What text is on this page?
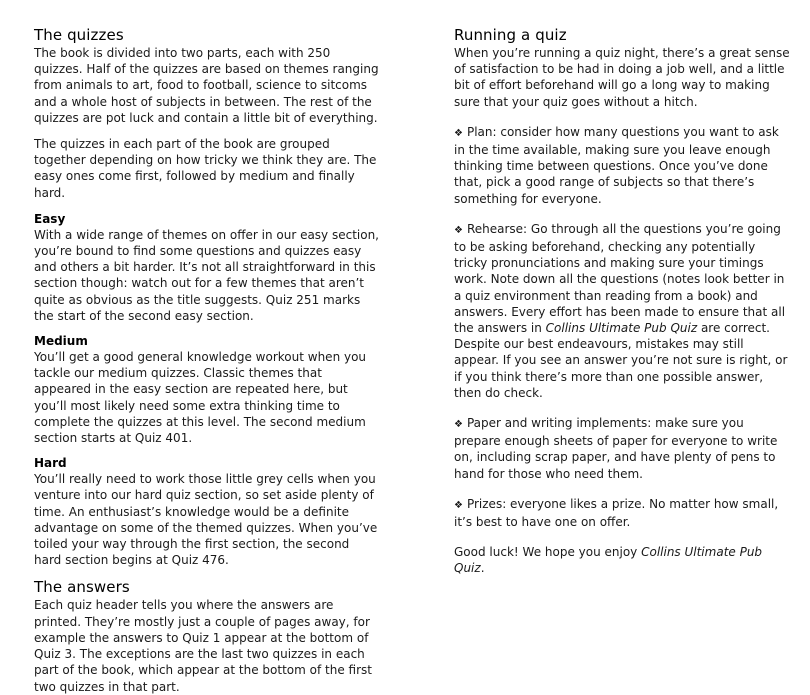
The quizzes

The book is divided into two parts, each with 250 quizzes. Half of the quizzes are based on themes ranging from animals to art, food to football, science to sitcoms and a whole host of subjects in between. The rest of the quizzes are pot luck and contain a little bit of everything.

The quizzes in each part of the book are grouped together depending on how tricky we think they are. The easy ones come first, followed by medium and finally hard.

Easy

With a wide range of themes on offer in our easy section, you’re bound to find some questions and quizzes easy and others a bit harder. It’s not all straightforward in this section though: watch out for a few themes that aren’t quite as obvious as the title suggests. Quiz 251 marks the start of the second easy section.

Medium

You’ll get a good general knowledge workout when you tackle our medium quizzes. Classic themes that appeared in the easy section are repeated here, but you’ll most likely need some extra thinking time to complete the quizzes at this level. The second medium section starts at Quiz 401.

Hard

You’ll really need to work those little grey cells when you venture into our hard quiz section, so set aside plenty of time. An enthusiast’s knowledge would be a definite advantage on some of the themed quizzes. When you’ve toiled your way through the first section, the second hard section begins at Quiz 476.

The answers

Each quiz header tells you where the answers are printed. They’re mostly just a couple of pages away, for example the answers to Quiz 1 appear at the bottom of Quiz 3. The exceptions are the last two quizzes in each part of the book, which appear at the bottom of the first two quizzes in that part.

Running a quiz

When you’re running a quiz night, there’s a great sense of satisfaction to be had in doing a job well, and a little bit of effort beforehand will go a long way to making sure that your quiz goes without a hitch.

❖ Plan: consider how many questions you want to ask in the time available, making sure you leave enough thinking time between questions. Once you’ve done that, pick a good range of subjects so that there’s something for everyone.

❖ Rehearse: Go through all the questions you’re going to be asking beforehand, checking any potentially tricky pronunciations and making sure your timings work. Note down all the questions (notes look better in a quiz environment than reading from a book) and answers. Every effort has been made to ensure that all the answers in Collins Ultimate Pub Quiz are correct. Despite our best endeavours, mistakes may still appear. If you see an answer you’re not sure is right, or if you think there’s more than one possible answer, then do check.

❖ Paper and writing implements: make sure you prepare enough sheets of paper for everyone to write on, including scrap paper, and have plenty of pens to hand for those who need them.

❖ Prizes: everyone likes a prize. No matter how small, it’s best to have one on offer.

Good luck! We hope you enjoy Collins Ultimate Pub Quiz.
